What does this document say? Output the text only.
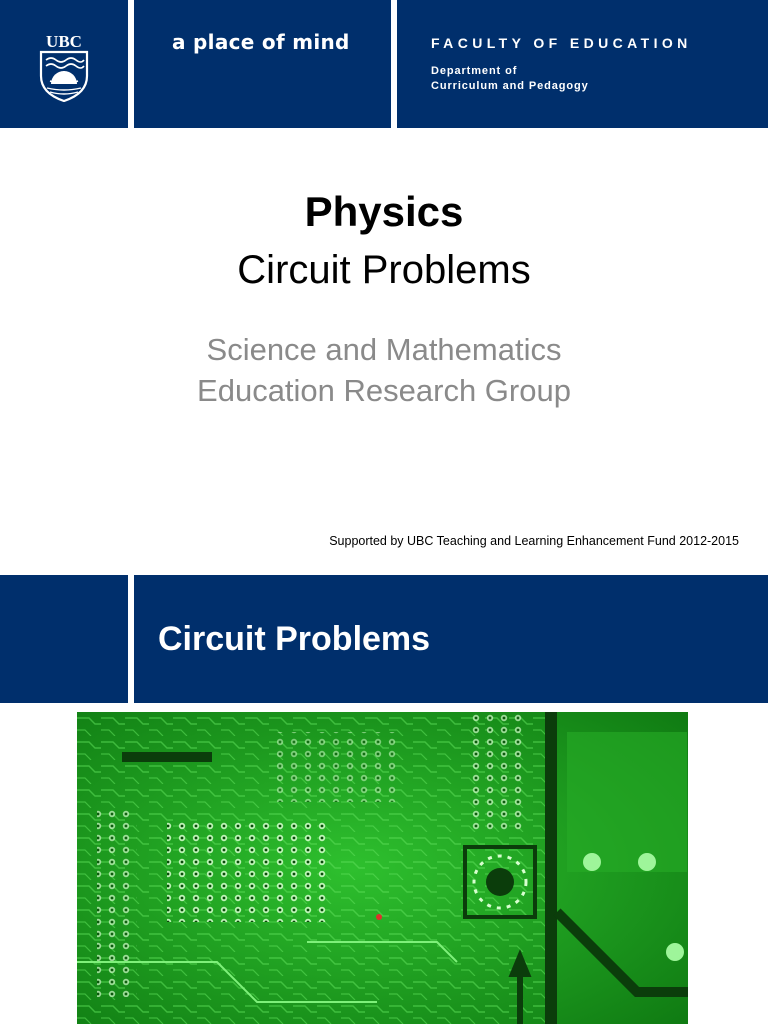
UBC	a place of mind	FACULTY OF EDUCATION
Department of
Curriculum and Pedagogy
Physics
Circuit Problems
Science and Mathematics
Education Research Group
Supported by UBC Teaching and Learning Enhancement Fund 2012-2015
Circuit Problems
